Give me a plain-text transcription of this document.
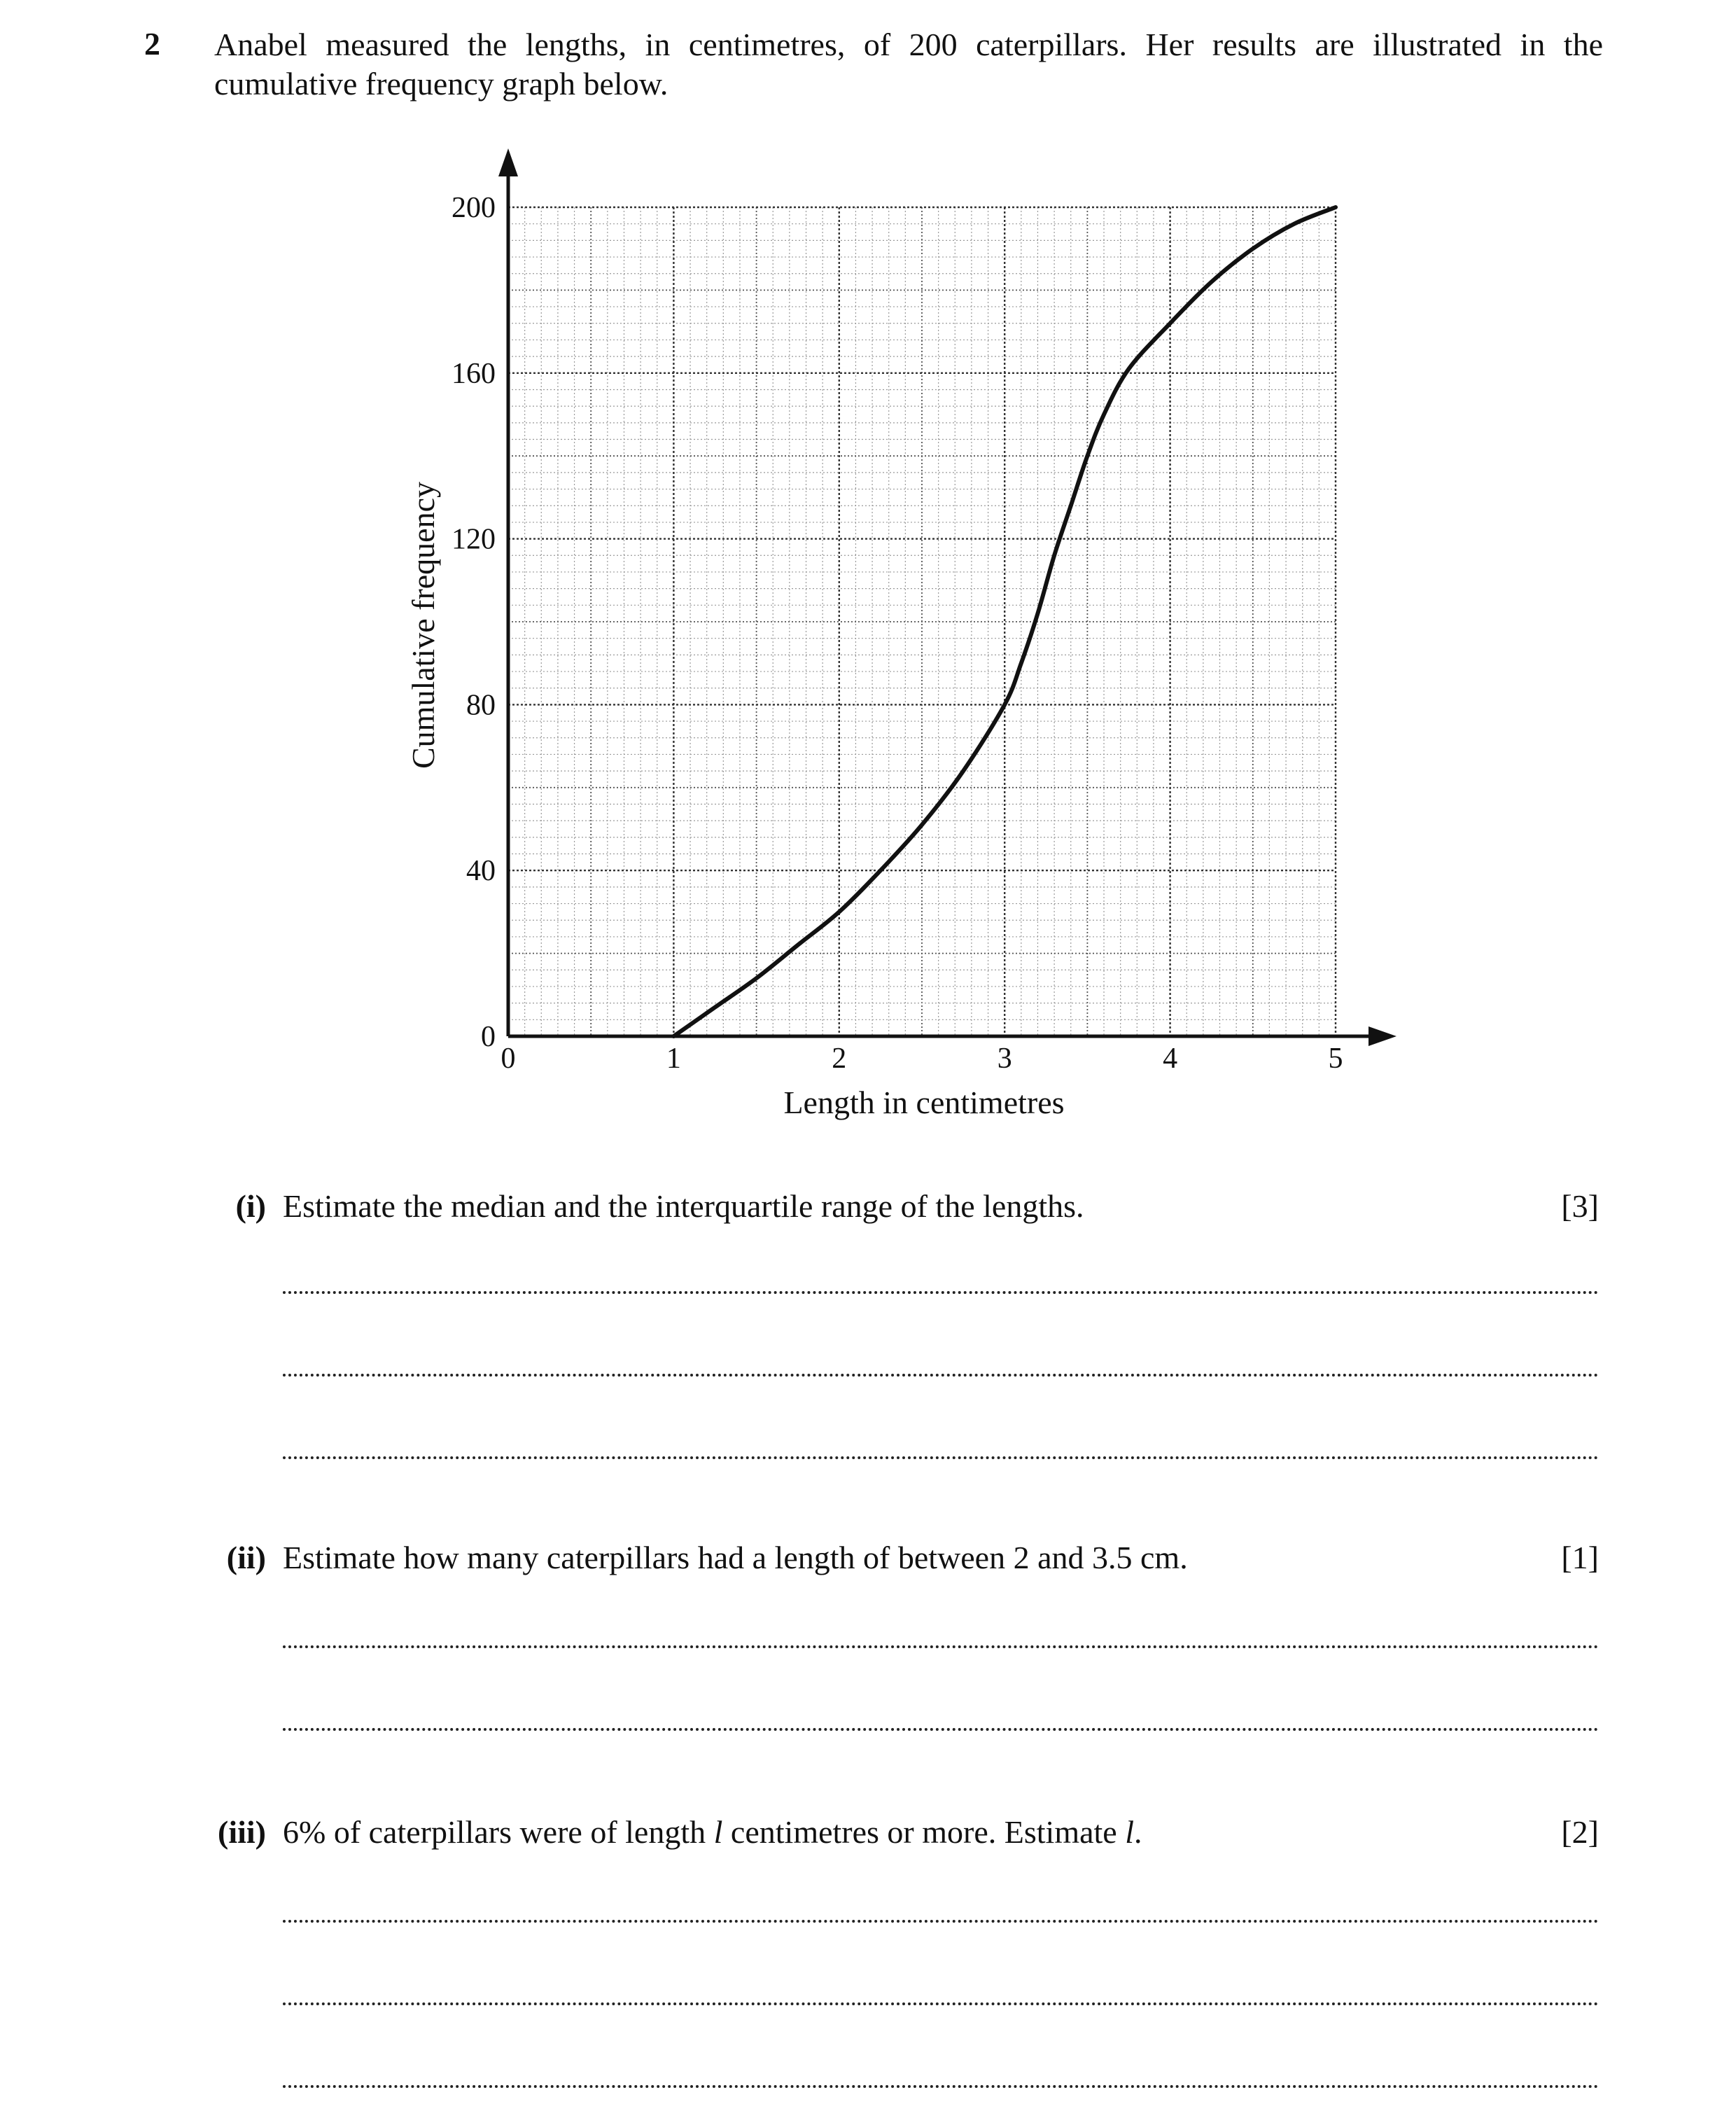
2 Anabel measured the lengths, in centimetres, of 200 caterpillars. Her results are illustrated in the
cumulative frequency graph below.
0	1	2	3	4	5
0
40
80
120
160
200
Length in centimetres
Cumulative frequency
(i) Estimate the median and the interquartile range of the lengths.	[3]
(ii) Estimate how many caterpillars had a length of between 2 and 3.5 cm.	[1]
(iii) 6% of caterpillars were of length l centimetres or more. Estimate l.	[2]
